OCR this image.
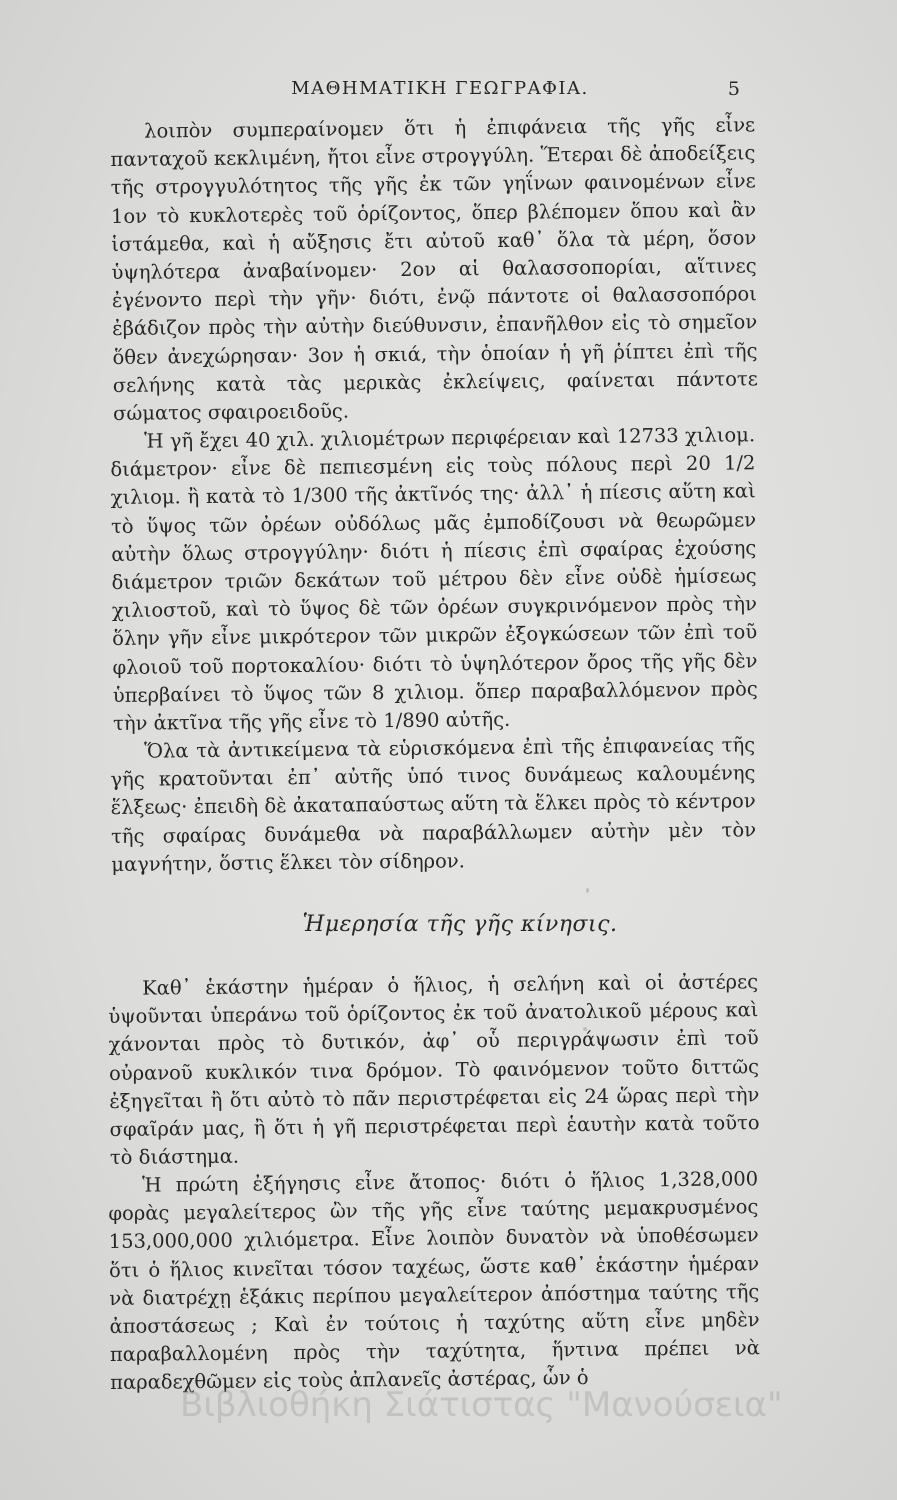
ΜΑΘΗΜΑΤΙΚΗ ΓΕΩΓΡΑΦΙΑ.	5

λοιπὸν συμπεραίνομεν ὅτι ἡ ἐπιφάνεια τῆς γῆς εἶνε πανταχοῦ κεκλιμένη, ἤτοι εἶνε στρογγύλη. Ἕτεραι δὲ ἀποδείξεις τῆς στρογγυλότητος τῆς γῆς ἐκ τῶν γηΐνων φαινομένων εἶνε 1ον τὸ κυκλοτερὲς τοῦ ὁρίζοντος, ὅπερ βλέπομεν ὅπου καὶ ἂν ἱστάμεθα, καὶ ἡ αὔξησις ἔτι αὐτοῦ καθ᾽ ὅλα τὰ μέρη, ὅσον ὑψηλότερα ἀναβαίνομεν· 2ον αἱ θαλασσοπορίαι, αἵτινες ἐγένοντο περὶ τὴν γῆν· διότι, ἐνῷ πάντοτε οἱ θαλασσοπόροι ἐβάδιζον πρὸς τὴν αὐτὴν διεύθυνσιν, ἐπανῆλθον εἰς τὸ σημεῖον ὅθεν ἀνεχώρησαν· 3ον ἡ σκιά, τὴν ὁποίαν ἡ γῆ ῥίπτει ἐπὶ τῆς σελήνης κατὰ τὰς μερικὰς ἐκλείψεις, φαίνεται πάντοτε σώματος σφαιροειδοῦς.

Ἡ γῆ ἔχει 40 χιλ. χιλιομέτρων περιφέρειαν καὶ 12733 χιλιομ. διάμετρον· εἶνε δὲ πεπιεσμένη εἰς τοὺς πόλους περὶ 20 1/2 χιλιομ. ἢ κατὰ τὸ 1/300 τῆς ἀκτῖνός της· ἀλλ᾽ ἡ πίεσις αὕτη καὶ τὸ ὕψος τῶν ὀρέων οὐδόλως μᾶς ἐμποδίζουσι νὰ θεωρῶμεν αὐτὴν ὅλως στρογγύλην· διότι ἡ πίεσις ἐπὶ σφαίρας ἐχούσης διάμετρον τριῶν δεκάτων τοῦ μέτρου δὲν εἶνε οὐδὲ ἡμίσεως χιλιοστοῦ, καὶ τὸ ὕψος δὲ τῶν ὀρέων συγκρινόμενον πρὸς τὴν ὅλην γῆν εἶνε μικρότερον τῶν μικρῶν ἐξογκώσεων τῶν ἐπὶ τοῦ φλοιοῦ τοῦ πορτοκαλίου· διότι τὸ ὑψηλότερον ὄρος τῆς γῆς δὲν ὑπερβαίνει τὸ ὕψος τῶν 8 χιλιομ. ὅπερ παραβαλλόμενον πρὸς τὴν ἀκτῖνα τῆς γῆς εἶνε τὸ 1/890 αὐτῆς.

Ὅλα τὰ ἀντικείμενα τὰ εὑρισκόμενα ἐπὶ τῆς ἐπιφανείας τῆς γῆς κρατοῦνται ἐπ᾽ αὐτῆς ὑπό τινος δυνάμεως καλουμένης ἕλξεως· ἐπειδὴ δὲ ἀκαταπαύστως αὕτη τὰ ἕλκει πρὸς τὸ κέντρον τῆς σφαίρας δυνάμεθα νὰ παραβάλλωμεν αὐτὴν μὲν τὸν μαγνήτην, ὅστις ἕλκει τὸν σίδηρον.

Ἡμερησία τῆς γῆς κίνησις.

Καθ᾽ ἑκάστην ἡμέραν ὁ ἥλιος, ἡ σελήνη καὶ οἱ ἀστέρες ὑψοῦνται ὑπεράνω τοῦ ὁρίζοντος ἐκ τοῦ ἀνατολικοῦ μέρους καὶ χάνονται πρὸς τὸ δυτικόν, ἀφ᾽ οὗ περιγράψωσιν ἐπὶ τοῦ οὐρανοῦ κυκλικόν τινα δρόμον. Τὸ φαινόμενον τοῦτο διττῶς ἐξηγεῖται ἢ ὅτι αὐτὸ τὸ πᾶν περιστρέφεται εἰς 24 ὥρας περὶ τὴν σφαῖράν μας, ἢ ὅτι ἡ γῆ περιστρέφεται περὶ ἑαυτὴν κατὰ τοῦτο τὸ διάστημα.

Ἡ πρώτη ἐξήγησις εἶνε ἄτοπος· διότι ὁ ἥλιος 1,328,000 φορὰς μεγαλείτερος ὢν τῆς γῆς εἶνε ταύτης μεμακρυσμένος 153,000,000 χιλιόμετρα. Εἶνε λοιπὸν δυνατὸν νὰ ὑποθέσωμεν ὅτι ὁ ἥλιος κινεῖται τόσον ταχέως, ὥστε καθ᾽ ἑκάστην ἡμέραν νὰ διατρέχῃ ἑξάκις περίπου μεγαλείτερον ἀπόστημα ταύτης τῆς ἀποστάσεως ; Καὶ ἐν τούτοις ἡ ταχύτης αὕτη εἶνε μηδὲν παραβαλλομένη πρὸς τὴν ταχύτητα, ἥντινα πρέπει νὰ παραδεχθῶμεν εἰς τοὺς ἀπλανεῖς ἀστέρας, ὧν ὁ

Βιβλιοθήκη Σιάτιστας "Μανούσεια"
